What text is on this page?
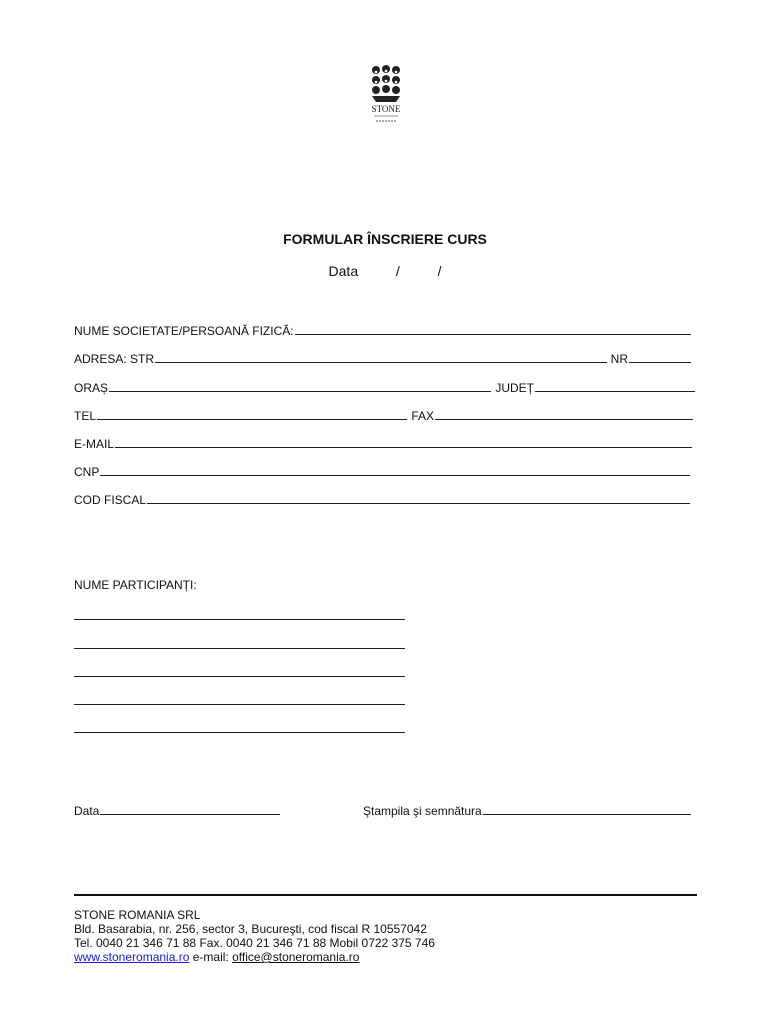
STONE
FORMULAR ÎNSCRIERE CURS
Data	/	/
NUME SOCIETATE/PERSOANĂ FIZICĂ:
ADRESA: STR	NR
ORAȘ	JUDEȚ
TEL	FAX
E-MAIL
CNP
COD FISCAL
NUME PARTICIPANȚI:
Data	Ştampila şi semnătura
STONE ROMANIA SRL
Bld. Basarabia, nr. 256, sector 3, Bucureşti, cod fiscal R 10557042
Tel. 0040 21 346 71 88 Fax. 0040 21 346 71 88 Mobil 0722 375 746
www.stoneromania.ro e-mail: office@stoneromania.ro
